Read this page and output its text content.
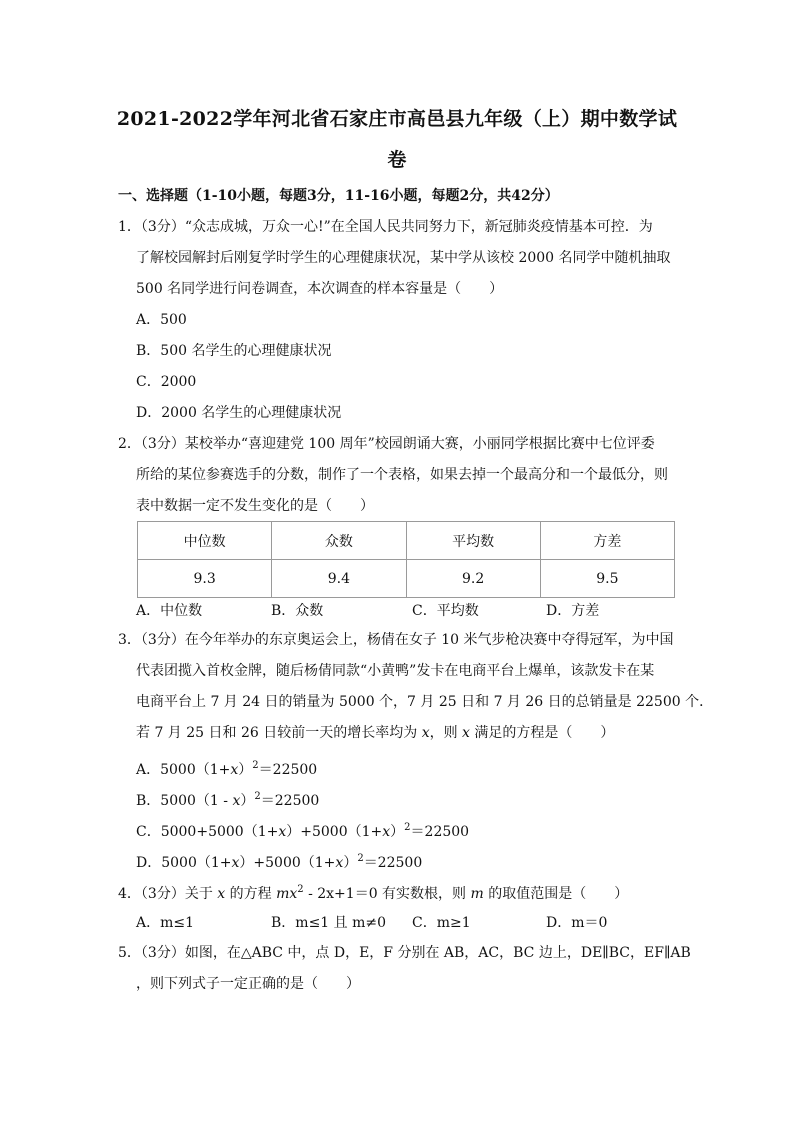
2021-2022学年河北省石家庄市高邑县九年级（上）期中数学试
卷
一、选择题（1-10小题，每题3分，11-16小题，每题2分，共42分）
1．（3分）“众志成城，万众一心!”在全国人民共同努力下，新冠肺炎疫情基本可控．为
了解校园解封后刚复学时学生的心理健康状况，某中学从该校 2000 名同学中随机抽取
500 名同学进行问卷调查，本次调查的样本容量是（　　）
A．500
B．500 名学生的心理健康状况
C．2000
D．2000 名学生的心理健康状况
2．（3分）某校举办“喜迎建党 100 周年”校园朗诵大赛，小丽同学根据比赛中七位评委
所给的某位参赛选手的分数，制作了一个表格，如果去掉一个最高分和一个最低分，则
表中数据一定不发生变化的是（　　）
中位数	众数	平均数	方差
9.3	9.4	9.2	9.5
A．中位数	B．众数	C．平均数	D．方差
3．（3分）在今年举办的东京奥运会上，杨倩在女子 10 米气步枪决赛中夺得冠军，为中国
代表团揽入首枚金牌，随后杨倩同款“小黄鸭”发卡在电商平台上爆单，该款发卡在某
电商平台上 7 月 24 日的销量为 5000 个，7 月 25 日和 7 月 26 日的总销量是 22500 个．
若 7 月 25 日和 26 日较前一天的增长率均为 x，则 x 满足的方程是（　　）
A．$5000(1+x)^2=22500$
B．5000（1 - x）$^2$＝22500
C．$5000+5000(1+x)+5000(1+x)^2=22500$
D．$5000(1+x)+5000(1+x)^2=22500$
4．（3分）关于 x 的方程 $mx^2 - 2x+1=0$ 有实数根，则 m 的取值范围是（　　）
A．m≤1	B．m≤1 且 m≠0 C．m≥1	D．m＝0
5．（3分）如图，在△ABC 中，点 D，E，F 分别在 AB，AC，BC 边上，DE∥BC，EF∥AB
，则下列式子一定正确的是（　　）
